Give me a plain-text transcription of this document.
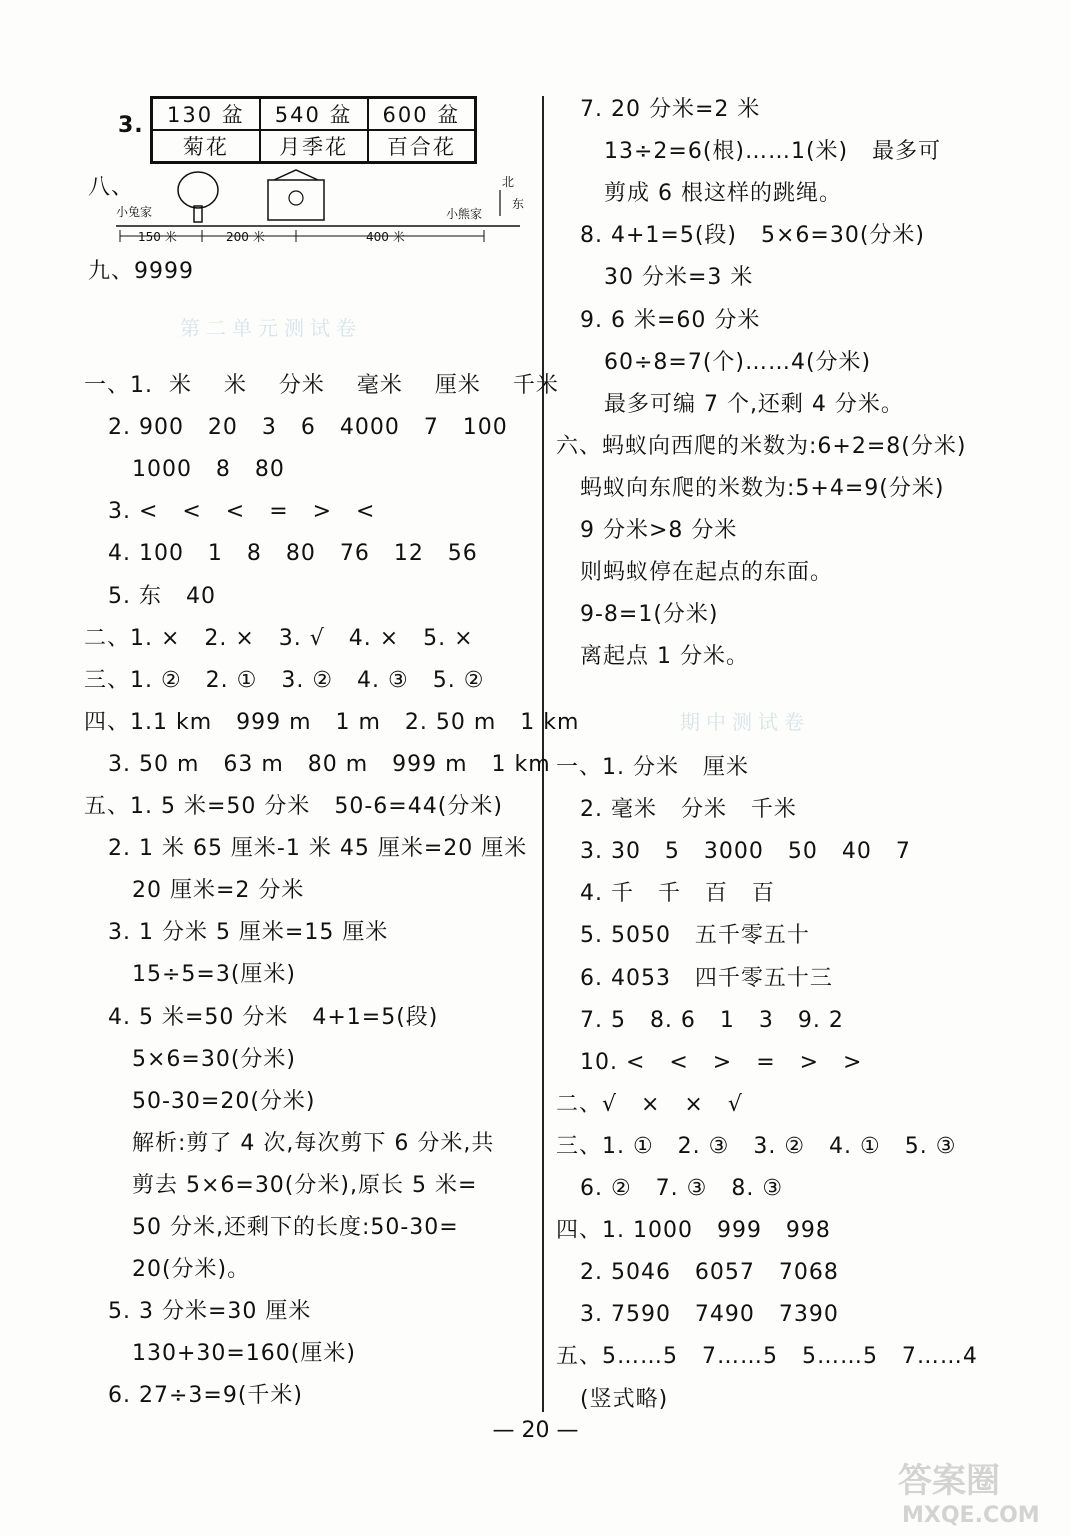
3. 130 盆	540 盆	600 盆
菊花	月季花	百合花
八、
小兔家	小熊家
北
东
150 米	200 米	400 米
九、9999
第二单元测试卷
一、1.  米    米    分米    毫米    厘米    千米
2. 900   20   3   6   4000   7   100
1000   8   80
3. <   <   <   =   >   <
4. 100   1   8   80   76   12   56
5. 东   40
二、1. ×   2. ×   3. √   4. ×   5. ×
三、1. ②   2. ①   3. ②   4. ③   5. ②
四、1.1 km   999 m   1 m   2. 50 m   1 km
3. 50 m   63 m   80 m   999 m   1 km
五、1. 5 米=50 分米   50-6=44(分米)
2. 1 米 65 厘米-1 米 45 厘米=20 厘米
20 厘米=2 分米
3. 1 分米 5 厘米=15 厘米
15÷5=3(厘米)
4. 5 米=50 分米   4+1=5(段)
5×6=30(分米)
50-30=20(分米)
解析:剪了 4 次,每次剪下 6 分米,共
剪去 5×6=30(分米),原长 5 米=
50 分米,还剩下的长度:50-30=
20(分米)。
5. 3 分米=30 厘米
130+30=160(厘米)
6. 27÷3=9(千米)
7. 20 分米=2 米
13÷2=6(根)……1(米)   最多可
剪成 6 根这样的跳绳。
8. 4+1=5(段)   5×6=30(分米)
30 分米=3 米
9. 6 米=60 分米
60÷8=7(个)……4(分米)
最多可编 7 个,还剩 4 分米。
六、蚂蚁向西爬的米数为:6+2=8(分米)
蚂蚁向东爬的米数为:5+4=9(分米)
9 分米>8 分米
则蚂蚁停在起点的东面。
9-8=1(分米)
离起点 1 分米。
期中测试卷
一、1. 分米   厘米
2. 毫米   分米   千米
3. 30   5   3000   50   40   7
4. 千   千   百   百
5. 5050   五千零五十
6. 4053   四千零五十三
7. 5   8. 6   1   3   9. 2
10. <   <   >   =   >   >
二、√   ×   ×   √
三、1. ①   2. ③   3. ②   4. ①   5. ③
6. ②   7. ③   8. ③
四、1. 1000   999   998
2. 5046   6057   7068
3. 7590   7490   7390
五、5……5   7……5   5……5   7……4
(竖式略)
— 20 —
答案圈
MXQE.COM
